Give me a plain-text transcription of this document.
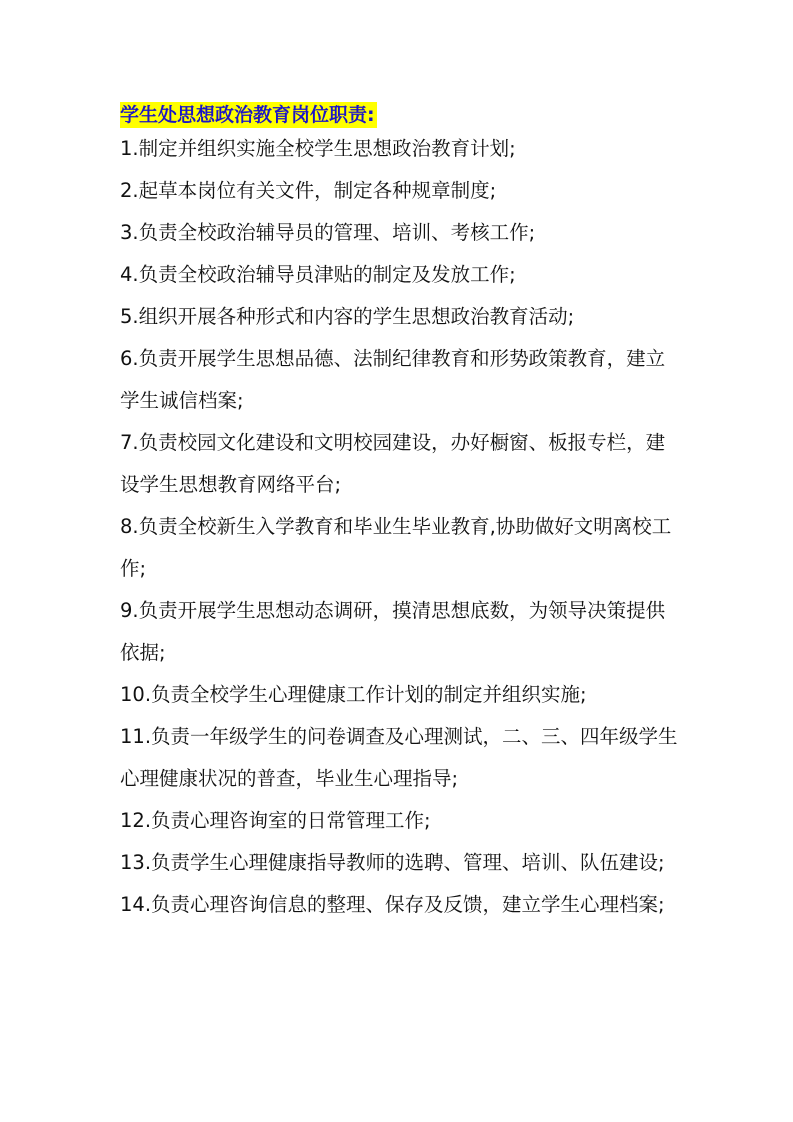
学生处思想政治教育岗位职责:
1.制定并组织实施全校学生思想政治教育计划;
2.起草本岗位有关文件，制定各种规章制度;
3.负责全校政治辅导员的管理、培训、考核工作;
4.负责全校政治辅导员津贴的制定及发放工作;
5.组织开展各种形式和内容的学生思想政治教育活动;
6.负责开展学生思想品德、法制纪律教育和形势政策教育，建立学生诚信档案;
7.负责校园文化建设和文明校园建设，办好橱窗、板报专栏，建设学生思想教育网络平台;
8.负责全校新生入学教育和毕业生毕业教育,协助做好文明离校工作;
9.负责开展学生思想动态调研，摸清思想底数，为领导决策提供依据;
10.负责全校学生心理健康工作计划的制定并组织实施;
11.负责一年级学生的问卷调查及心理测试，二、三、四年级学生心理健康状况的普查，毕业生心理指导;
12.负责心理咨询室的日常管理工作;
13.负责学生心理健康指导教师的选聘、管理、培训、队伍建设;
14.负责心理咨询信息的整理、保存及反馈，建立学生心理档案;
